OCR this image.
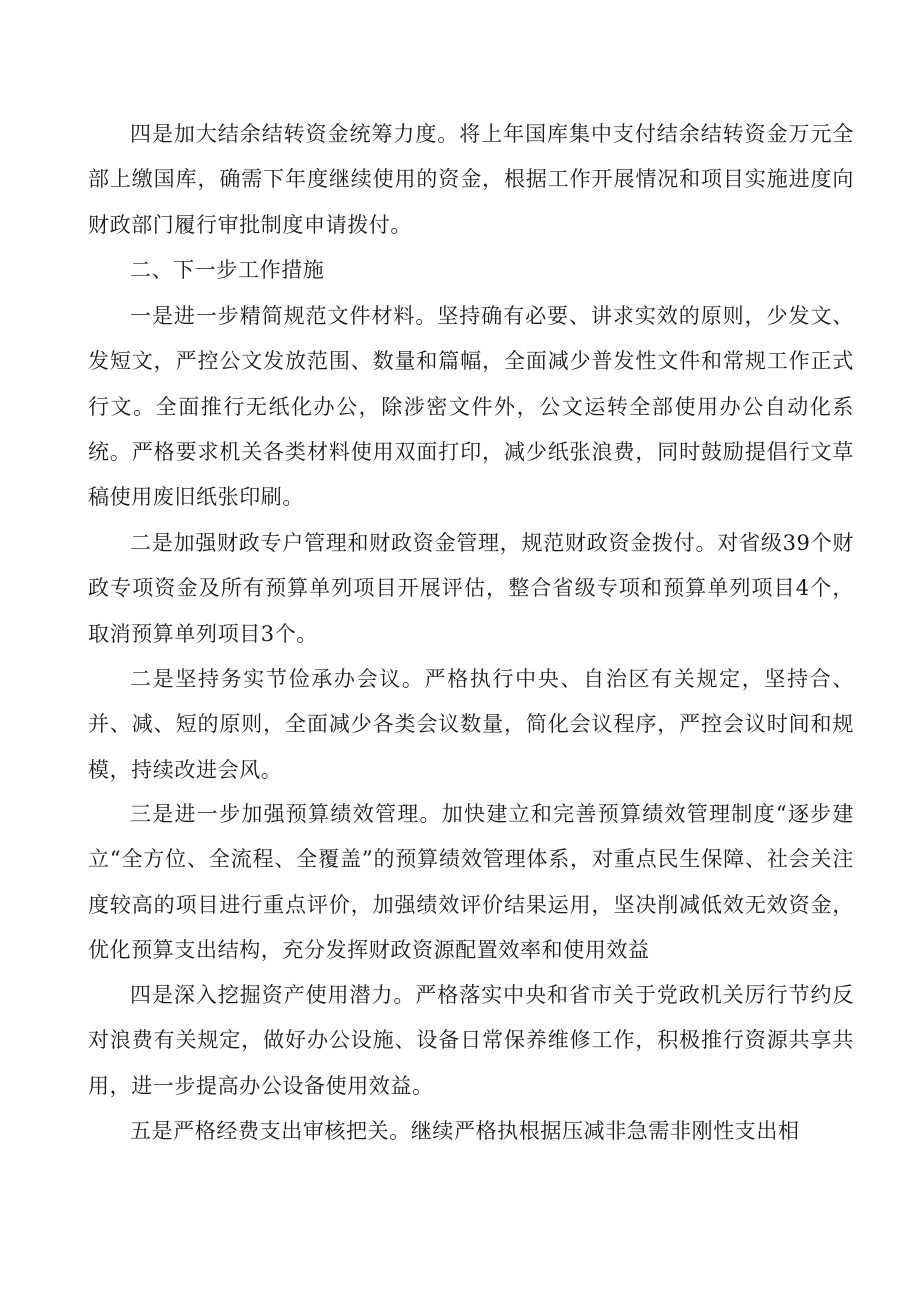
四是加大结余结转资金统筹力度。将上年国库集中支付结余结转资金万元全部上缴国库，确需下年度继续使用的资金，根据工作开展情况和项目实施进度向财政部门履行审批制度申请拨付。

二、下一步工作措施

一是进一步精简规范文件材料。坚持确有必要、讲求实效的原则，少发文、发短文，严控公文发放范围、数量和篇幅，全面减少普发性文件和常规工作正式行文。全面推行无纸化办公，除涉密文件外，公文运转全部使用办公自动化系统。严格要求机关各类材料使用双面打印，减少纸张浪费，同时鼓励提倡行文草稿使用废旧纸张印刷。

二是加强财政专户管理和财政资金管理，规范财政资金拨付。对省级39个财政专项资金及所有预算单列项目开展评估，整合省级专项和预算单列项目4个，取消预算单列项目3个。

二是坚持务实节俭承办会议。严格执行中央、自治区有关规定，坚持合、并、减、短的原则，全面减少各类会议数量，简化会议程序，严控会议时间和规模，持续改进会风。

三是进一步加强预算绩效管理。加快建立和完善预算绩效管理制度“逐步建立“全方位、全流程、全覆盖”的预算绩效管理体系，对重点民生保障、社会关注度较高的项目进行重点评价，加强绩效评价结果运用，坚决削减低效无效资金，优化预算支出结构，充分发挥财政资源配置效率和使用效益

四是深入挖掘资产使用潜力。严格落实中央和省市关于党政机关厉行节约反对浪费有关规定，做好办公设施、设备日常保养维修工作，积极推行资源共享共用，进一步提高办公设备使用效益。

五是严格经费支出审核把关。继续严格执根据压减非急需非刚性支出相
